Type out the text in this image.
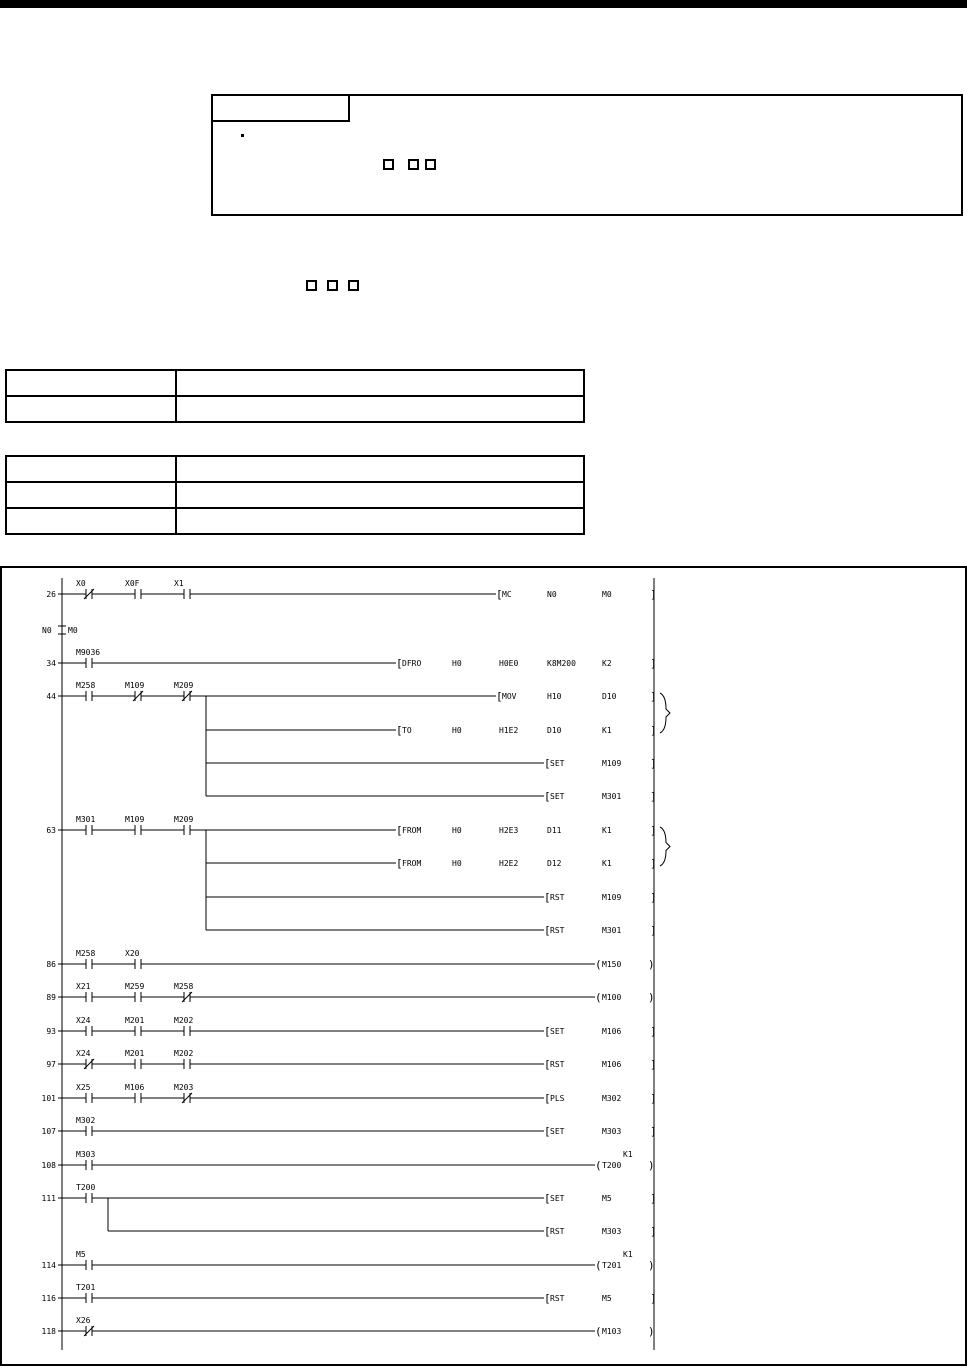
26
X0	X0F	X1
[ MC	N0	M0	]
N0 M0
34
M9036
[ DFRO	H0	H0E0	K8M200	K2	]
44
M258	M109	M209
[ MOV	H10	D10	]
[ TO	H0	H1E2	D10	K1	]
[ SET	M109	]
[ SET	M301	]
63
M301	M109	M209
[ FROM	H0	H2E3	D11	K1	]
[ FROM	H0	H2E2	D12	K1	]
[ RST	M109	]
[ RST	M301	]
86
M258	X20
( M150 )
89
X21	M259	M258
( M100 )
93
X24	M201	M202
[ SET	M106	]
97
X24	M201	M202
[ RST	M106	]
101
X25	M106	M203
[ PLS	M302	]
107
M302
[ SET	M303	]
108
M303
( T200 )
K1
111
T200
[ SET	M5	]
[ RST	M303	]
114
M5
( T201 )
K1
116
T201
[ RST	M5	]
118
X26
( M103 )
